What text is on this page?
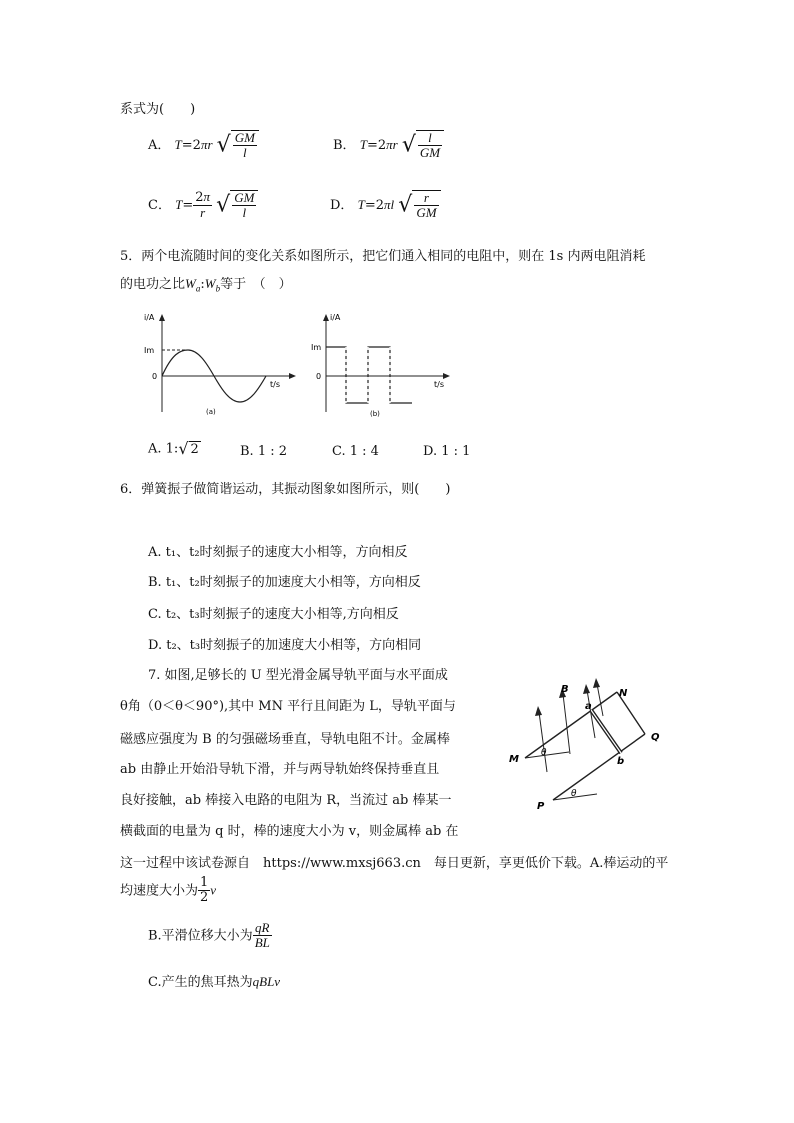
系式为(　　)
A． T=2πr √ $\frac{GM}{l}$	B． T=2πr √ $\frac{l}{GM}$
C． $T= \frac{2\pi}{r}$ √ $\frac{GM}{l}$	D． T=2πl √ $\frac{r}{GM}$
5．两个电流随时间的变化关系如图所示，把它们通入相同的电阻中，则在 1s 内两电阻消耗
的电功之比$W_a:W_b$等于　（　）
i/A
Im
0
t/s
(a)
i/A
Im
0
t/s
(b)
A. 1:√ 2	B. 1 : 2	C. 1 : 4	D. 1 : 1
6．弹簧振子做简谐运动，其振动图象如图所示，则(　　)
A. t₁、t₂时刻振子的速度大小相等，方向相反
B. t₁、t₂时刻振子的加速度大小相等，方向相反
C. t₂、t₃时刻振子的速度大小相等,方向相反
D. t₂、t₃时刻振子的加速度大小相等，方向相同
7. 如图,足够长的 U 型光滑金属导轨平面与水平面成
θ角（0＜θ＜90°),其中 MN 平行且间距为 L，导轨平面与
磁感应强度为 B 的匀强磁场垂直，导轨电阻不计。金属棒
ab 由静止开始沿导轨下滑，并与两导轨始终保持垂直且
良好接触，ab 棒接入电路的电阻为 R，当流过 ab 棒某一
横截面的电量为 q 时，棒的速度大小为 v，则金属棒 ab 在
这一过程中该试卷源自　https://www.mxsj663.cn　每日更新，享更低价下载。A.棒运动的平
均速度大小为 $\frac{1}{2}$ v
B.平滑位移大小为 $\frac{qR}{BL}$
C.产生的焦耳热为qBLv
B
a
N
Q
M	b
P
θ
θ
